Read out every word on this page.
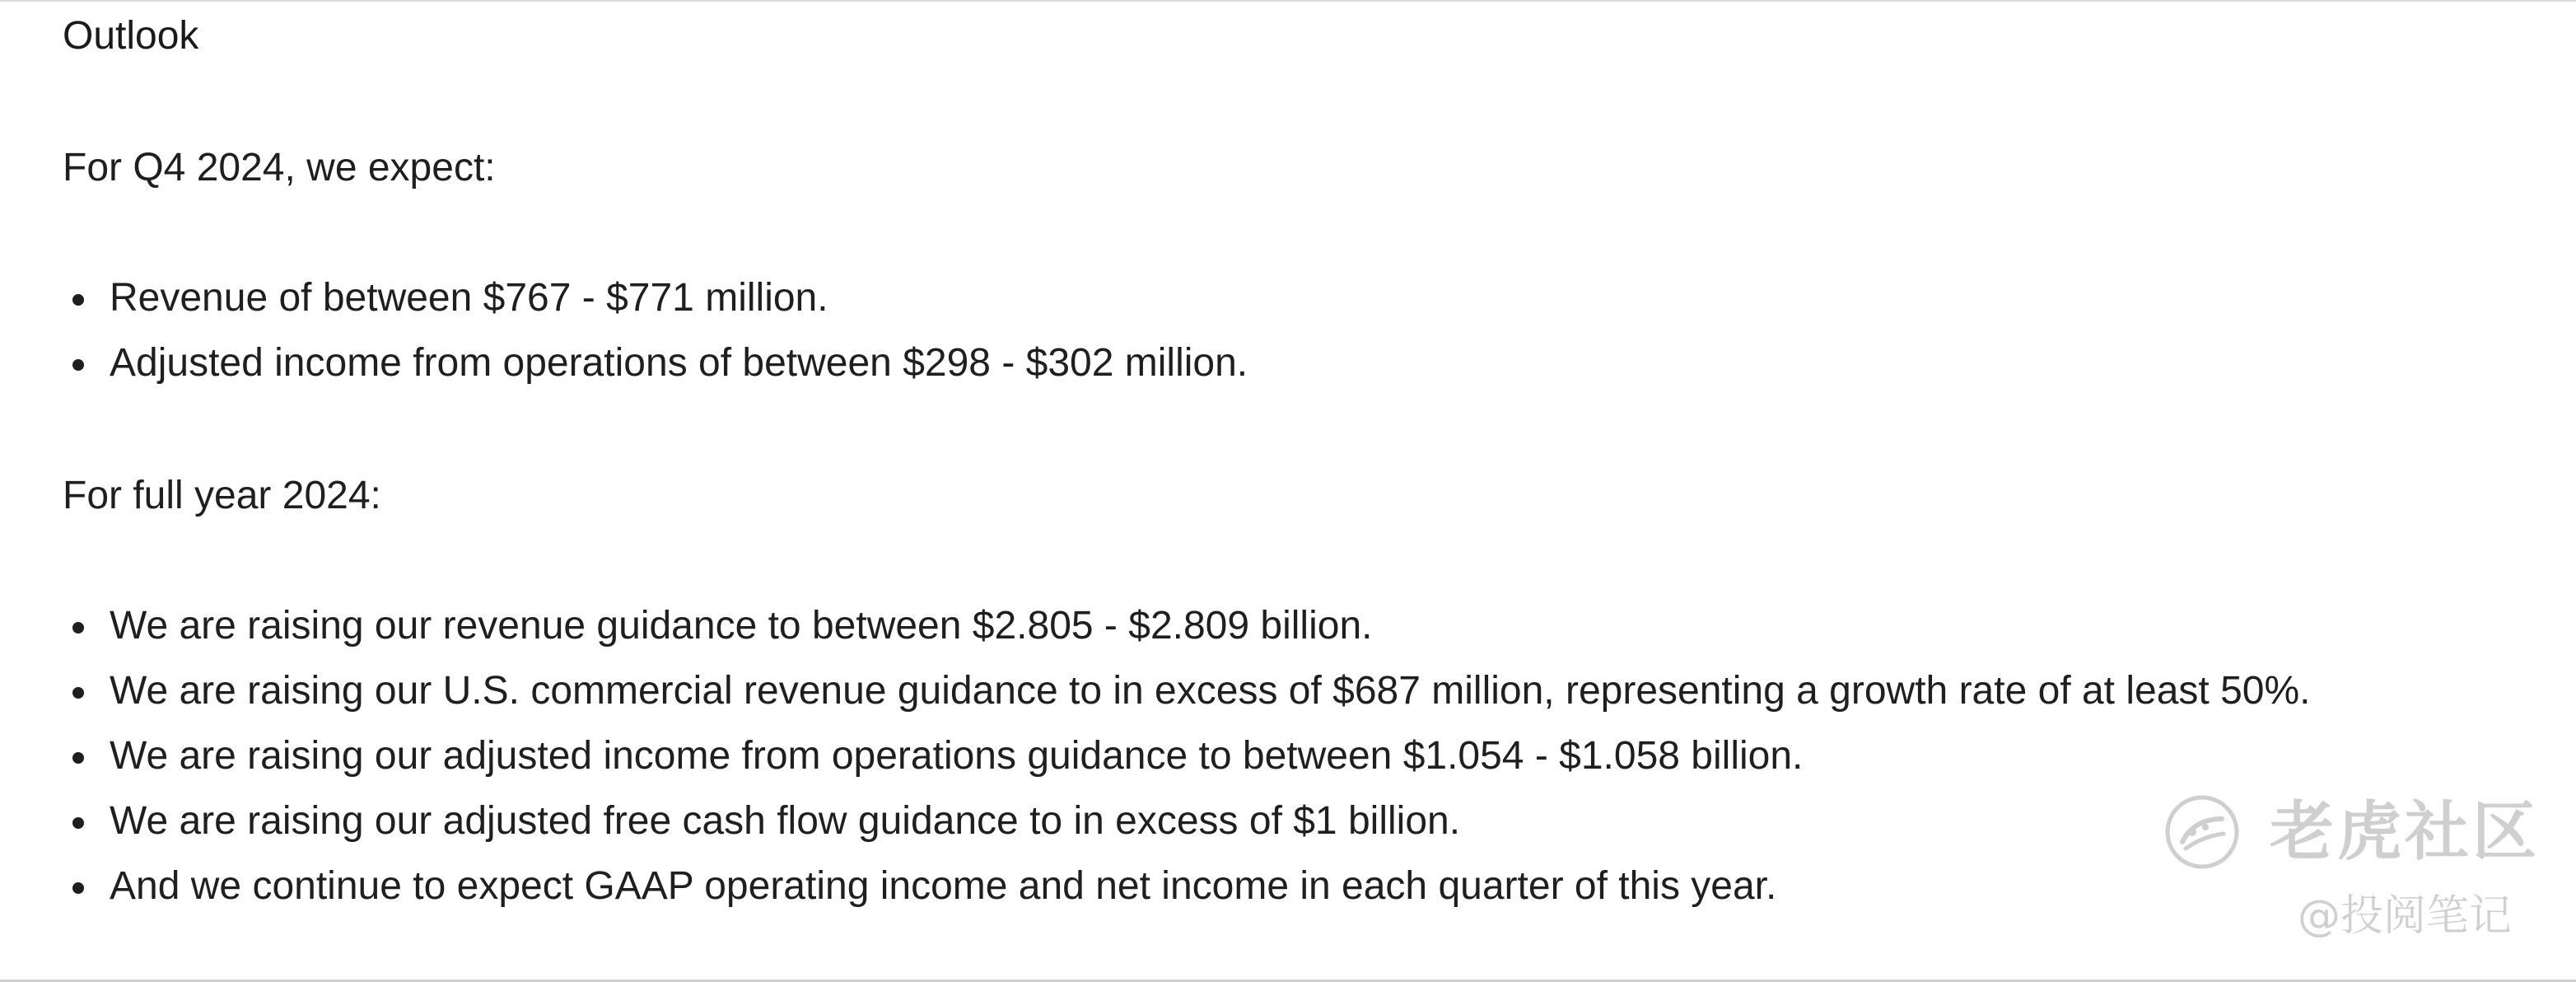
Outlook

For Q4 2024, we expect:

Revenue of between $767 - $771 million.
Adjusted income from operations of between $298 - $302 million.

For full year 2024:

We are raising our revenue guidance to between $2.805 - $2.809 billion.
We are raising our U.S. commercial revenue guidance to in excess of $687 million, representing a growth rate of at least 50%.
We are raising our adjusted income from operations guidance to between $1.054 - $1.058 billion.
We are raising our adjusted free cash flow guidance to in excess of $1 billion.
And we continue to expect GAAP operating income and net income in each quarter of this year.
老虎社区
@投阅笔记
